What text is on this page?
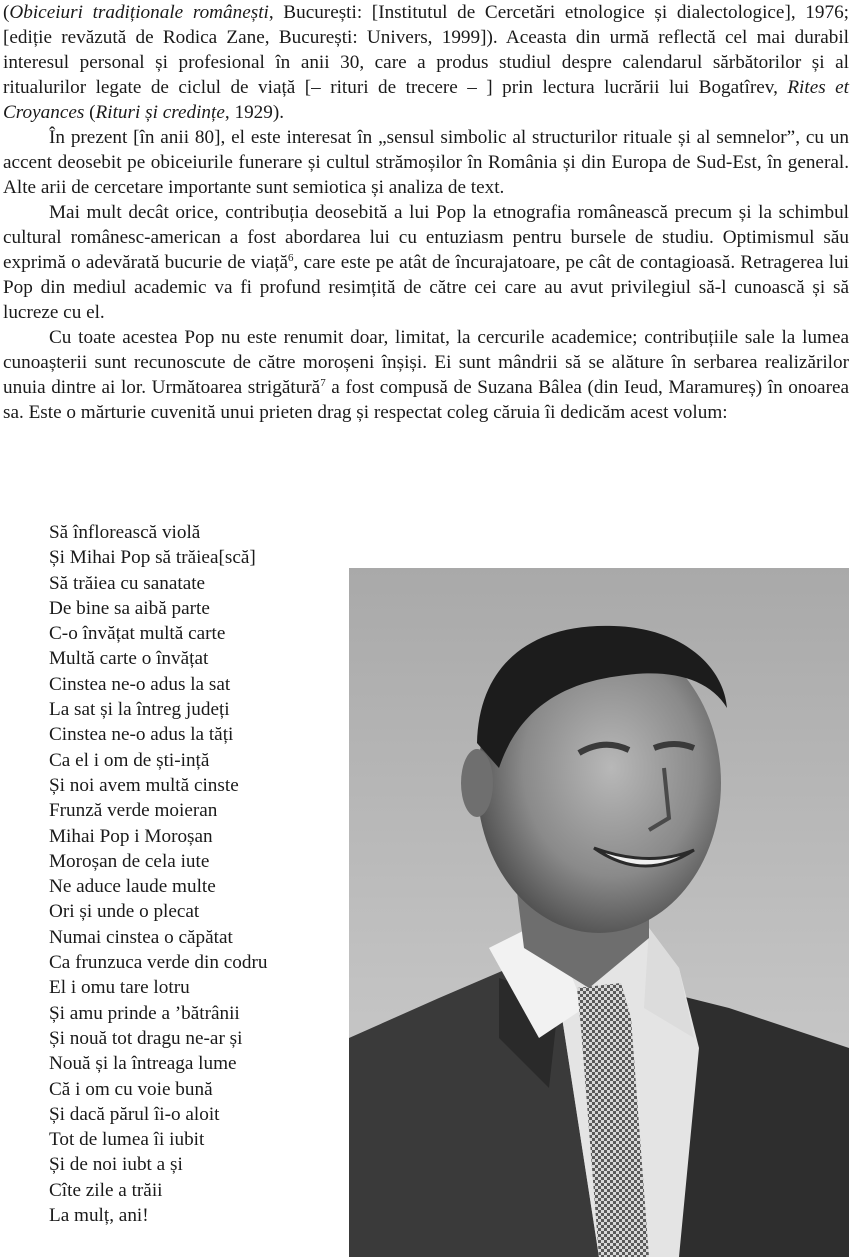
(Obiceiuri tradiționale românești, București: [Institutul de Cercetări etnologice și dialectologice], 1976; [ediție revăzută de Rodica Zane, București: Univers, 1999]). Aceasta din urmă reflectă cel mai durabil interesul personal și profesional în anii 30, care a produs studiul despre calendarul sărbătorilor și al ritualurilor legate de ciclul de viață [– rituri de trecere – ] prin lectura lucrării lui Bogatîrev, Rites et Croyances (Rituri și credințe, 1929).

În prezent [în anii 80], el este interesat în „sensul simbolic al structurilor rituale și al semnelor”, cu un accent deosebit pe obiceiurile funerare și cultul strămoșilor în România și din Europa de Sud-Est, în general. Alte arii de cercetare importante sunt semiotica și analiza de text.

Mai mult decât orice, contribuția deosebită a lui Pop la etnografia românească precum și la schimbul cultural românesc-american a fost abordarea lui cu entuziasm pentru bursele de studiu. Optimismul său exprimă o adevărată bucurie de viață$^6$, care este pe atât de încurajatoare, pe cât de contagioasă. Retragerea lui Pop din mediul academic va fi profund resimțită de către cei care au avut privilegiul să-l cunoască și să lucreze cu el.

Cu toate acestea Pop nu este renumit doar, limitat, la cercurile academice; contribuțiile sale la lumea cunoașterii sunt recunoscute de către moroșeni înșiși. Ei sunt mândrii să se alăture în serbarea realizărilor unuia dintre ai lor. Următoarea strigătură$^7$ a fost compusă de Suzana Bâlea (din Ieud, Maramureș) în onoarea sa. Este o mărturie cuvenită unui prieten drag și respectat coleg căruia îi dedicăm acest volum:

Să înflorească violă
Și Mihai Pop să trăiea[scă]
Să trăiea cu sanatate
De bine sa aibă parte
C-o învățat multă carte
Multă carte o învățat
Cinstea ne-o adus la sat
La sat și la întreg județi
Cinstea ne-o adus la tăți
Ca el i om de ști-ință
Și noi avem multă cinste
Frunză verde moieran
Mihai Pop i Moroșan
Moroșan de cela iute
Ne aduce laude multe
Ori și unde o plecat
Numai cinstea o căpătat
Ca frunzuca verde din codru
El i omu tare lotru
Și amu prinde a ’bătrânii
Și nouă tot dragu ne-ar și
Nouă și la întreaga lume
Că i om cu voie bună
Și dacă părul îi-o aloit
Tot de lumea îi iubit
Și de noi iubt a și
Cîte zile a trăii
La mulț, ani!
